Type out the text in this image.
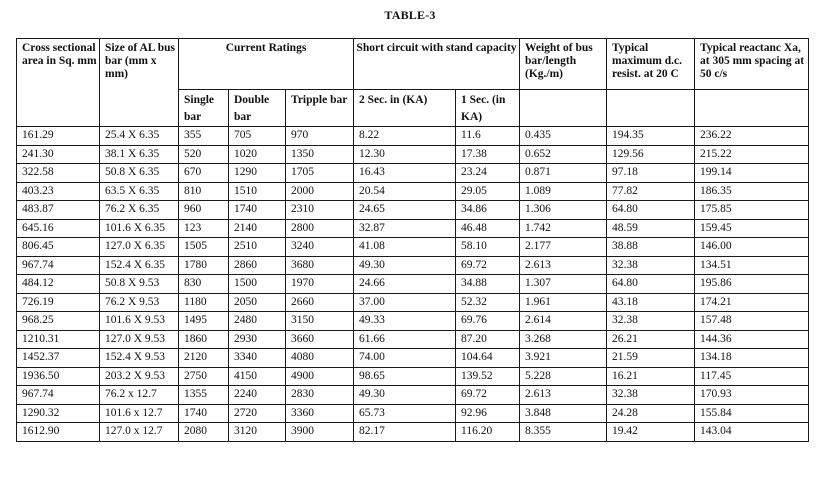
TABLE-3
Cross sectional area in Sq. mm	Size of AL bus bar (mm x mm)	Current Ratings			Short circuit with stand capacity		Weight of bus bar/length (Kg./m)	Typical maximum d.c. resist. at 20 C	Typical reactanc Xa, at 305 mm spacing at 50 c/s
		Single bar	Double bar	Tripple bar	2 Sec. in (KA)	1 Sec. (in KA)			
161.29	25.4 X 6.35	355	705	970	8.22	11.6	0.435	194.35	236.22
241.30	38.1 X 6.35	520	1020	1350	12.30	17.38	0.652	129.56	215.22
322.58	50.8 X 6.35	670	1290	1705	16.43	23.24	0.871	97.18	199.14
403.23	63.5 X 6.35	810	1510	2000	20.54	29.05	1.089	77.82	186.35
483.87	76.2 X 6.35	960	1740	2310	24.65	34.86	1.306	64.80	175.85
645.16	101.6 X 6.35	123	2140	2800	32.87	46.48	1.742	48.59	159.45
806.45	127.0 X 6.35	1505	2510	3240	41.08	58.10	2.177	38.88	146.00
967.74	152.4 X 6.35	1780	2860	3680	49.30	69.72	2.613	32.38	134.51
484.12	50.8 X 9.53	830	1500	1970	24.66	34.88	1.307	64.80	195.86
726.19	76.2 X 9.53	1180	2050	2660	37.00	52.32	1.961	43.18	174.21
968.25	101.6 X 9.53	1495	2480	3150	49.33	69.76	2.614	32.38	157.48
1210.31	127.0 X 9.53	1860	2930	3660	61.66	87.20	3.268	26.21	144.36
1452.37	152.4 X 9.53	2120	3340	4080	74.00	104.64	3.921	21.59	134.18
1936.50	203.2 X 9.53	2750	4150	4900	98.65	139.52	5.228	16.21	117.45
967.74	76.2 x 12.7	1355	2240	2830	49.30	69.72	2.613	32.38	170.93
1290.32	101.6 x 12.7	1740	2720	3360	65.73	92.96	3.848	24.28	155.84
1612.90	127.0 x 12.7	2080	3120	3900	82.17	116.20	8.355	19.42	143.04
